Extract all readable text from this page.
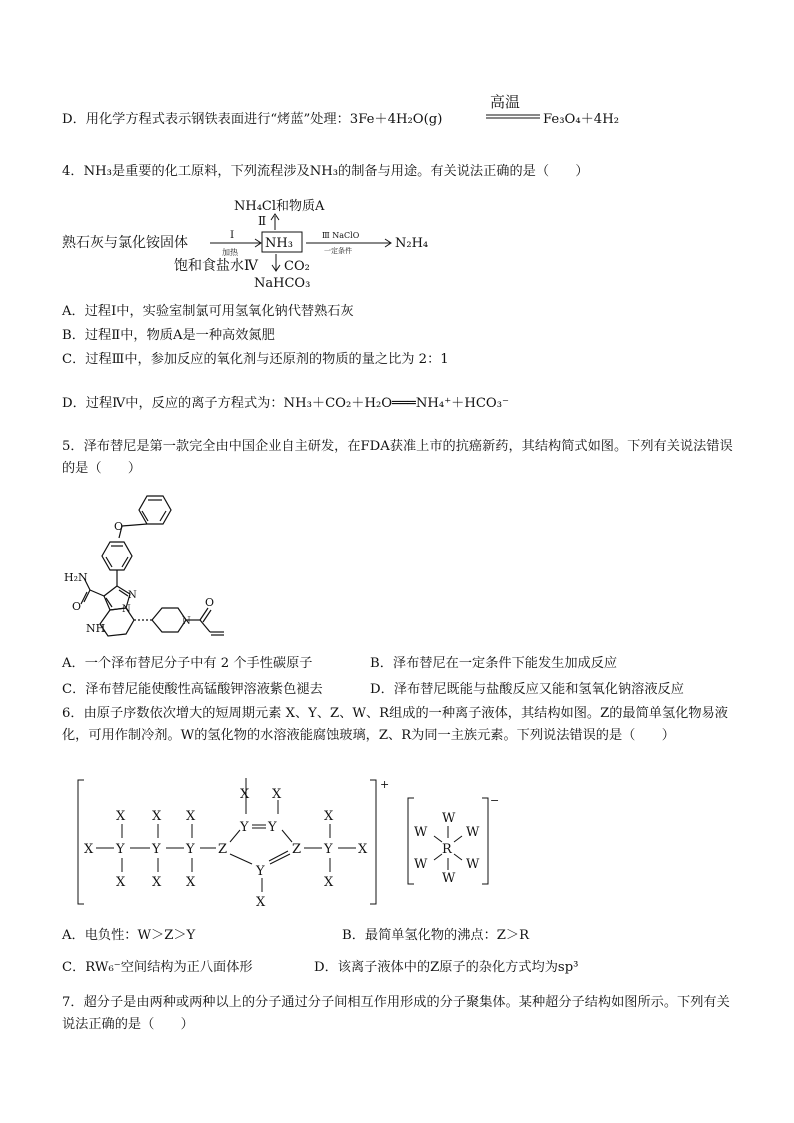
D．用化学方程式表示钢铁表面进行“烤蓝”处理：3Fe＋4H₂O(g)
高温
Fe₃O₄＋4H₂
4．NH₃是重要的化工原料，下列流程涉及NH₃的制备与用途。有关说法正确的是（　　）
NH₄Cl和物质A
Ⅱ
熟石灰与氯化铵固体	Ⅰ
加热
NH₃
Ⅲ NaClO
一定条件	N₂H₄
饱和食盐水Ⅳ CO₂
NaHCO₃
A．过程Ⅰ中，实验室制氯可用氢氧化钠代替熟石灰
B．过程Ⅱ中，物质A是一种高效氮肥
C．过程Ⅲ中，参加反应的氧化剂与还原剂的物质的量之比为 2：1
D．过程Ⅳ中，反应的离子方程式为：NH₃＋CO₂＋H₂O═══NH₄⁺＋HCO₃⁻
5．泽布替尼是第一款完全由中国企业自主研发，在FDA获准上市的抗癌新药，其结构简式如图。下列有关说法错误的是（　　）
O
H₂N
O
N
N
NH
N
O
A．一个泽布替尼分子中有 2 个手性碳原子	B．泽布替尼在一定条件下能发生加成反应
C．泽布替尼能使酸性高锰酸钾溶液紫色褪去	D．泽布替尼既能与盐酸反应又能和氢氧化钠溶液反应
6．由原子序数依次增大的短周期元素 X、Y、Z、W、R组成的一种离子液体，其结构如图。Z的最简单氢化物易液化，可用作制冷剂。W的氢化物的水溶液能腐蚀玻璃，Z、R为同一主族元素。下列说法错误的是（　　）
X Y
X
X
Y
X
X
Y
X
X
Z
Y Y
X X
Z
Y
X
Y
X
X
X
W
W	W
R
W	W
W
+
−
A．电负性：W＞Z＞Y	B．最简单氢化物的沸点：Z＞R
C．RW₆⁻空间结构为正八面体形	D．该离子液体中的Z原子的杂化方式均为sp³
7．超分子是由两种或两种以上的分子通过分子间相互作用形成的分子聚集体。某种超分子结构如图所示。下列有关说法正确的是（　　）
